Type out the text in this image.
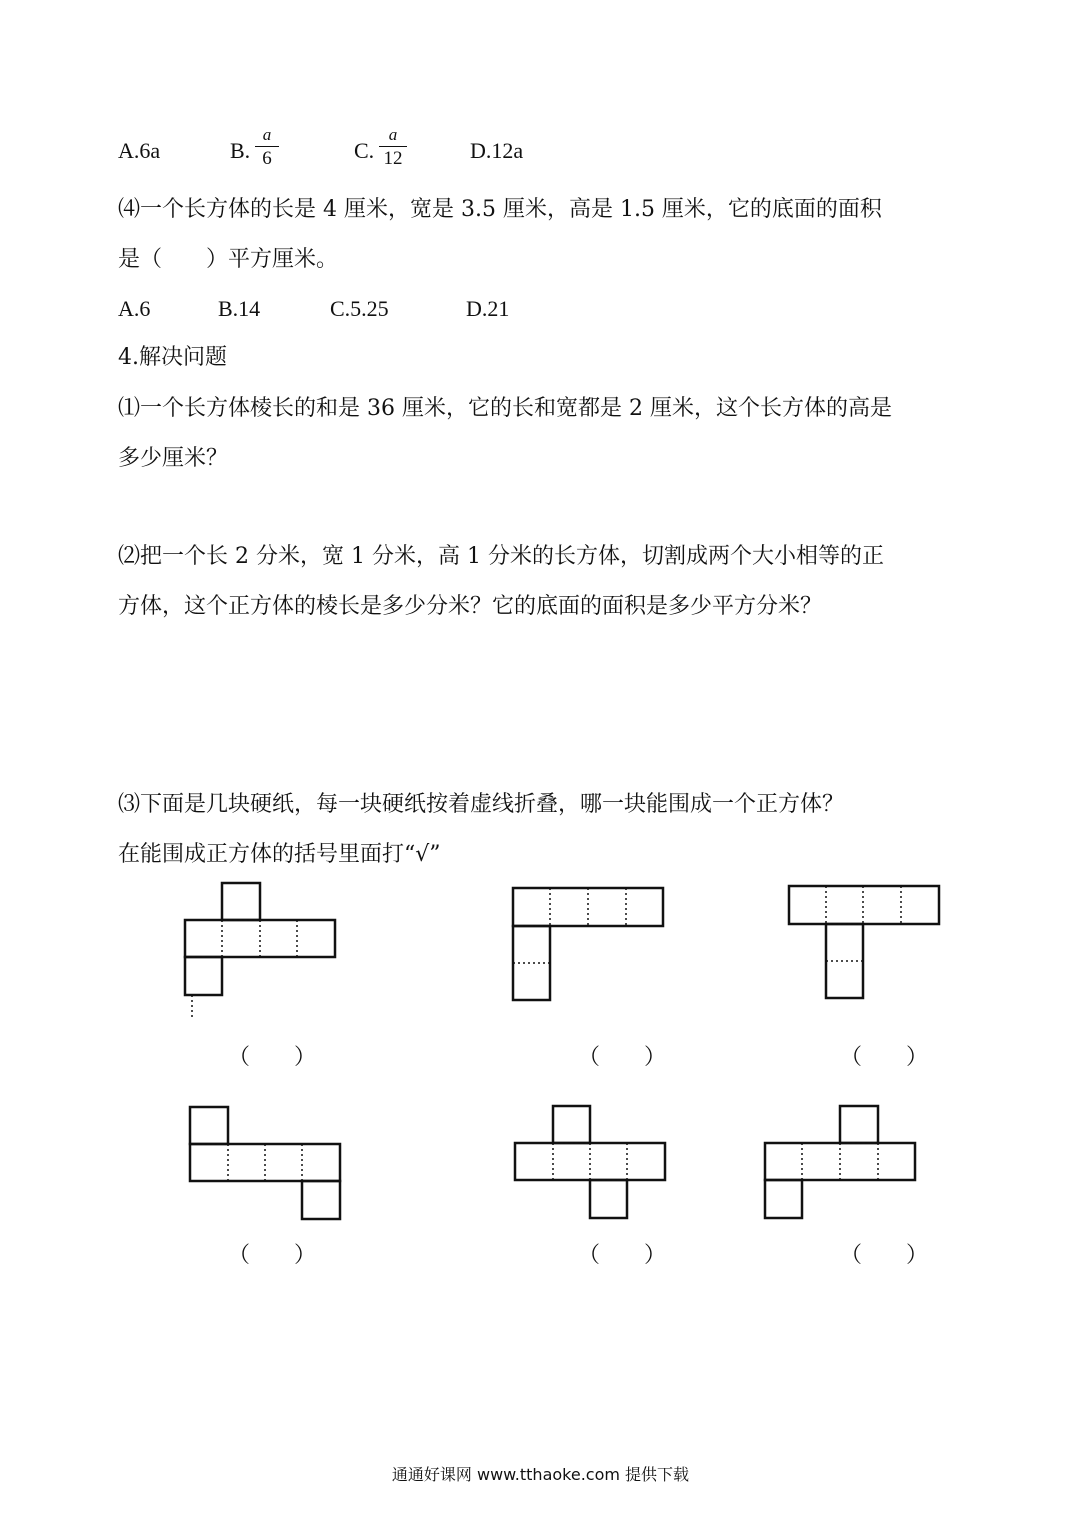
A.6a	B.
a
6	C.
a
12	D.12a
⑷一个长方体的长是 4 厘米，宽是 3.5 厘米，高是 1.5 厘米，它的底面的面积
是（　　）平方厘米。
A.6	B.14	C.5.25	D.21
4.解决问题
⑴一个长方体棱长的和是 36 厘米，它的长和宽都是 2 厘米，这个长方体的高是
多少厘米？
⑵把一个长 2 分米，宽 1 分米，高 1 分米的长方体，切割成两个大小相等的正
方体，这个正方体的棱长是多少分米？它的底面的面积是多少平方分米？
⑶下面是几块硬纸，每一块硬纸按着虚线折叠，哪一块能围成一个正方体？
在能围成正方体的括号里面打“√”
（　　）	（　　）	（　　）
（　　）	（　　）	（　　）
通通好课网 www.tthaoke.com 提供下载
